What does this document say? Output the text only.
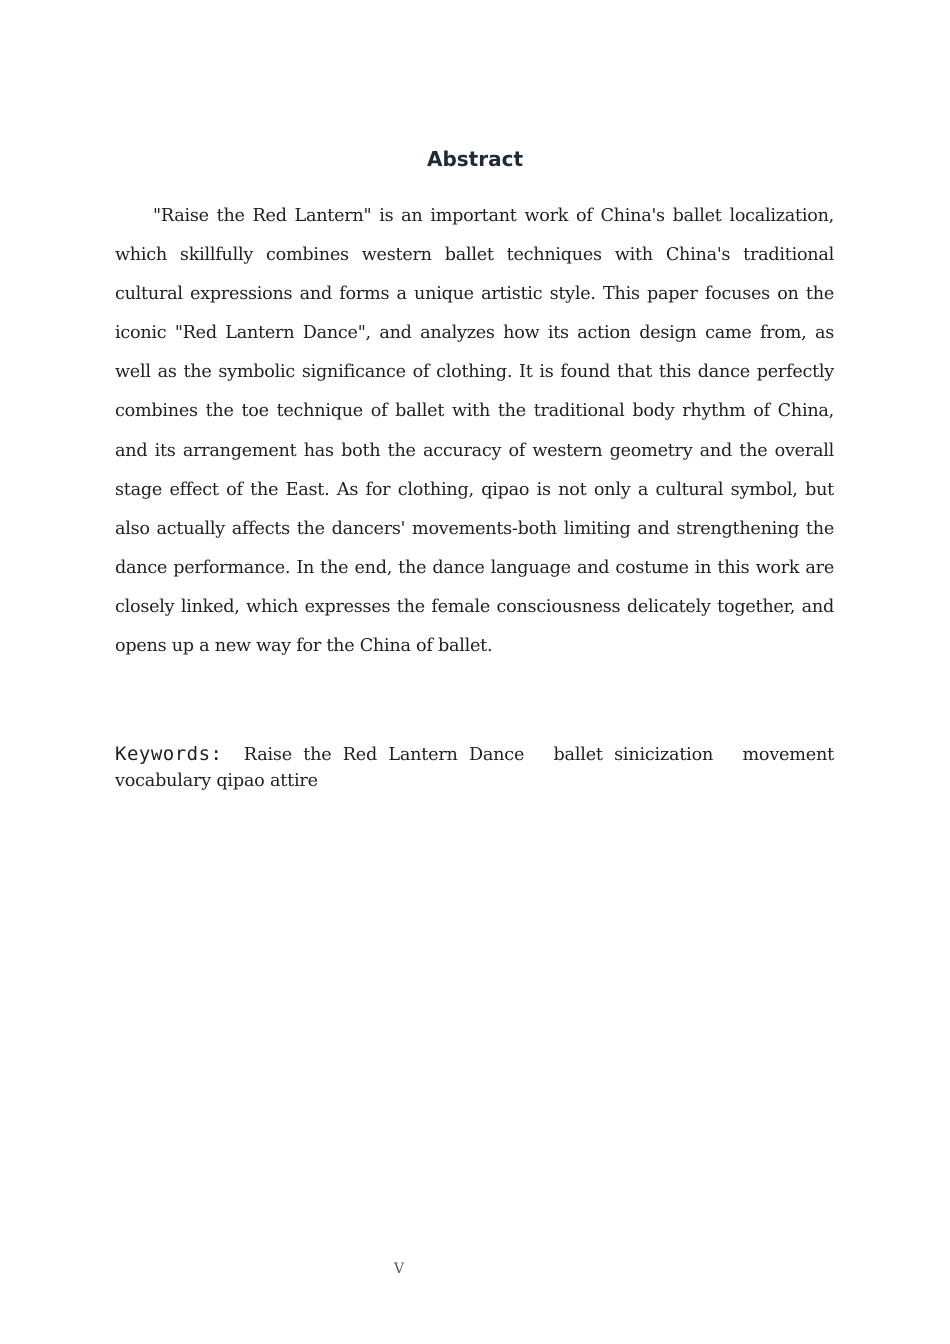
Abstract

"Raise the Red Lantern" is an important work of China's ballet localization, which skillfully combines western ballet techniques with China's traditional cultural expressions and forms a unique artistic style. This paper focuses on the iconic "Red Lantern Dance", and analyzes how its action design came from, as well as the symbolic significance of clothing. It is found that this dance perfectly combines the toe technique of ballet with the traditional body rhythm of China, and its arrangement has both the accuracy of western geometry and the overall stage effect of the East. As for clothing, qipao is not only a cultural symbol, but also actually affects the dancers' movements-both limiting and strengthening the dance performance. In the end, the dance language and costume in this work are closely linked, which expresses the female consciousness delicately together, and opens up a new way for the China of ballet.

Keywords: Raise the Red Lantern Dance ballet sinicization movement vocabulary qipao attire

V
